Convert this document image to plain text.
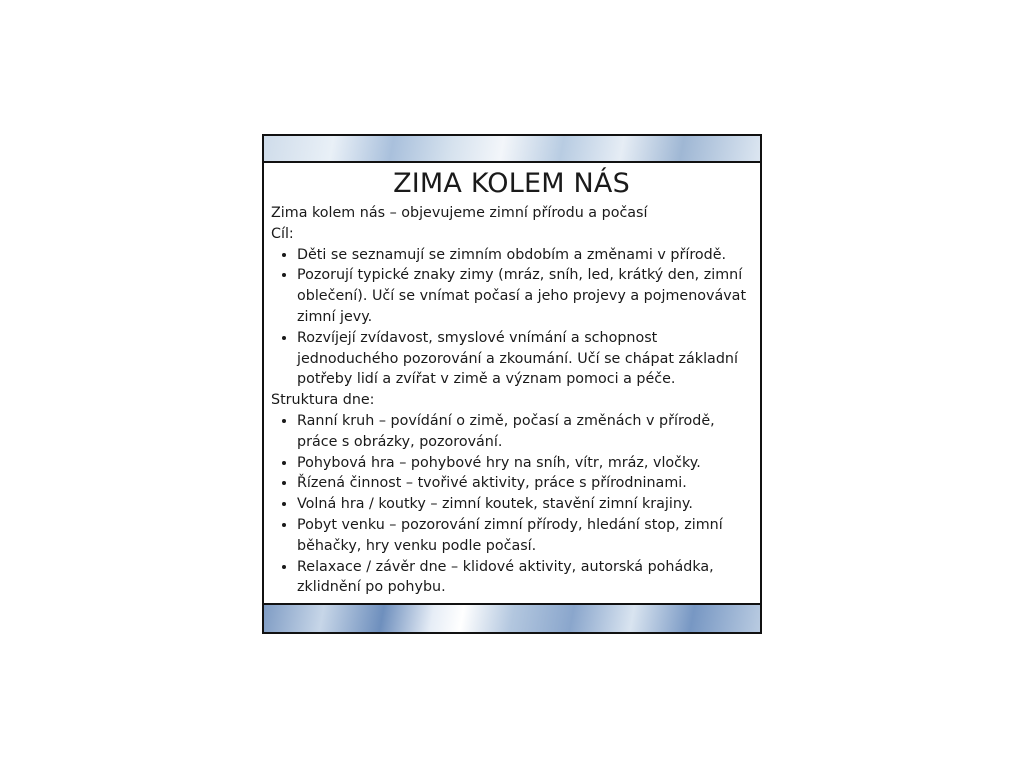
ZIMA KOLEM NÁS

Zima kolem nás – objevujeme zimní přírodu a počasí

Cíl:

• Děti se seznamují se zimním obdobím a změnami v přírodě.
• Pozorují typické znaky zimy (mráz, sníh, led, krátký den, zimní oblečení). Učí se vnímat počasí a jeho projevy a pojmenovávat zimní jevy.
• Rozvíjejí zvídavost, smyslové vnímání a schopnost jednoduchého pozorování a zkoumání. Učí se chápat základní potřeby lidí a zvířat v zimě a význam pomoci a péče.

Struktura dne:

• Ranní kruh – povídání o zimě, počasí a změnách v přírodě, práce s obrázky, pozorování.
• Pohybová hra – pohybové hry na sníh, vítr, mráz, vločky.
• Řízená činnost – tvořivé aktivity, práce s přírodninami.
• Volná hra / koutky – zimní koutek, stavění zimní krajiny.
• Pobyt venku – pozorování zimní přírody, hledání stop, zimní běhačky, hry venku podle počasí.
• Relaxace / závěr dne – klidové aktivity, autorská pohádka, zklidnění po pohybu.
